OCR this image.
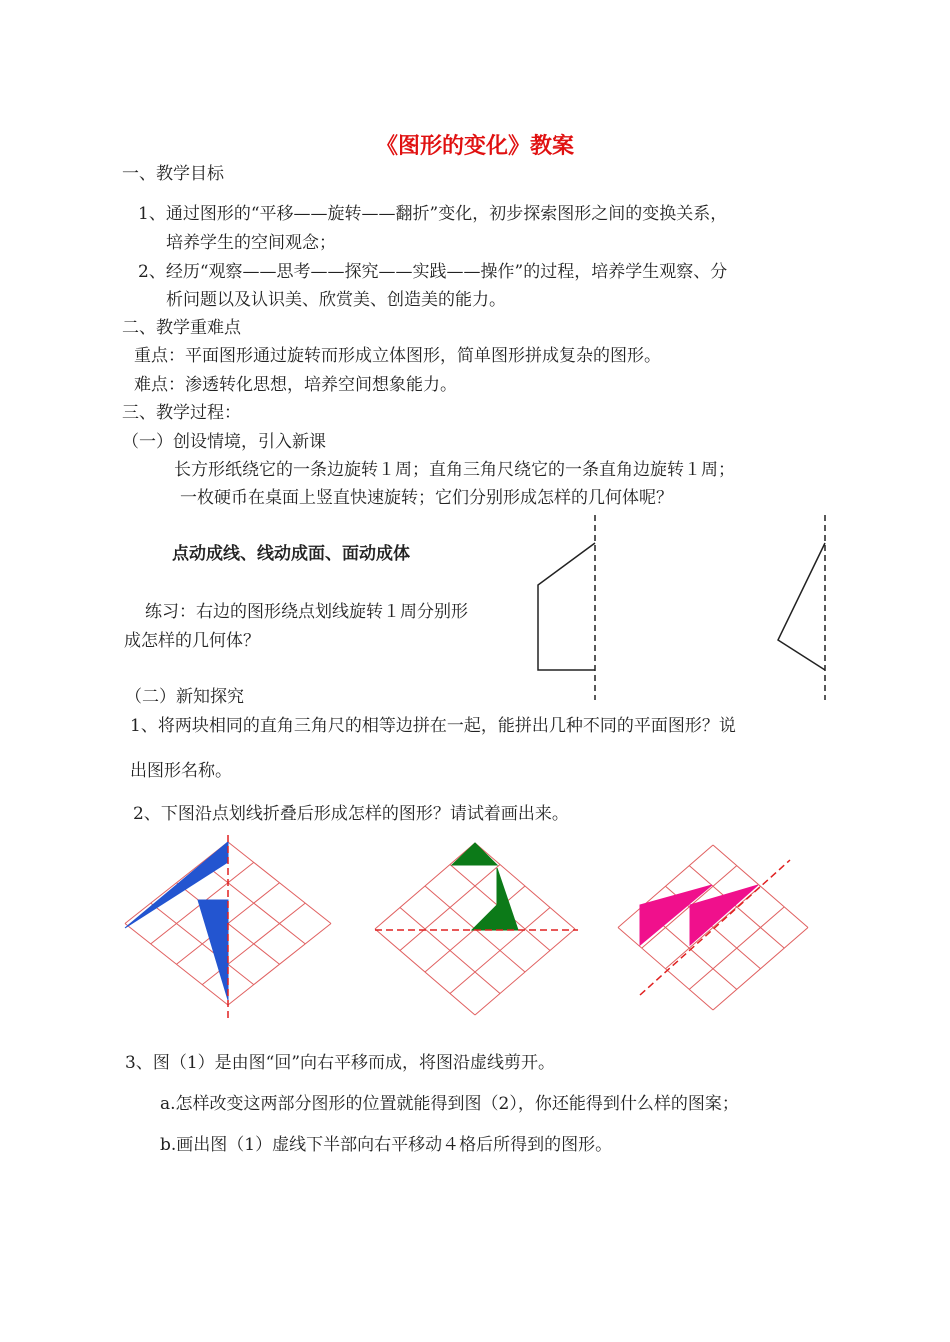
《图形的变化》教案
一、教学目标
1、通过图形的“平移——旋转——翻折”变化，初步探索图形之间的变换关系，
培养学生的空间观念；
2、经历“观察——思考——探究——实践——操作”的过程，培养学生观察、分
析问题以及认识美、欣赏美、创造美的能力。
二、教学重难点
重点：平面图形通过旋转而形成立体图形，简单图形拼成复杂的图形。
难点：渗透转化思想，培养空间想象能力。
三、教学过程：
（一）创设情境，引入新课
长方形纸绕它的一条边旋转１周；直角三角尺绕它的一条直角边旋转１周；
一枚硬币在桌面上竖直快速旋转；它们分别形成怎样的几何体呢？
点动成线、线动成面、面动成体
练习：右边的图形绕点划线旋转１周分别形
成怎样的几何体？
（二）新知探究
1、将两块相同的直角三角尺的相等边拼在一起，能拼出几种不同的平面图形？说
出图形名称。
2、下图沿点划线折叠后形成怎样的图形？请试着画出来。
3、图（1）是由图“回”向右平移而成，将图沿虚线剪开。
a.怎样改变这两部分图形的位置就能得到图（2），你还能得到什么样的图案；
b.画出图（1）虚线下半部向右平移动４格后所得到的图形。
